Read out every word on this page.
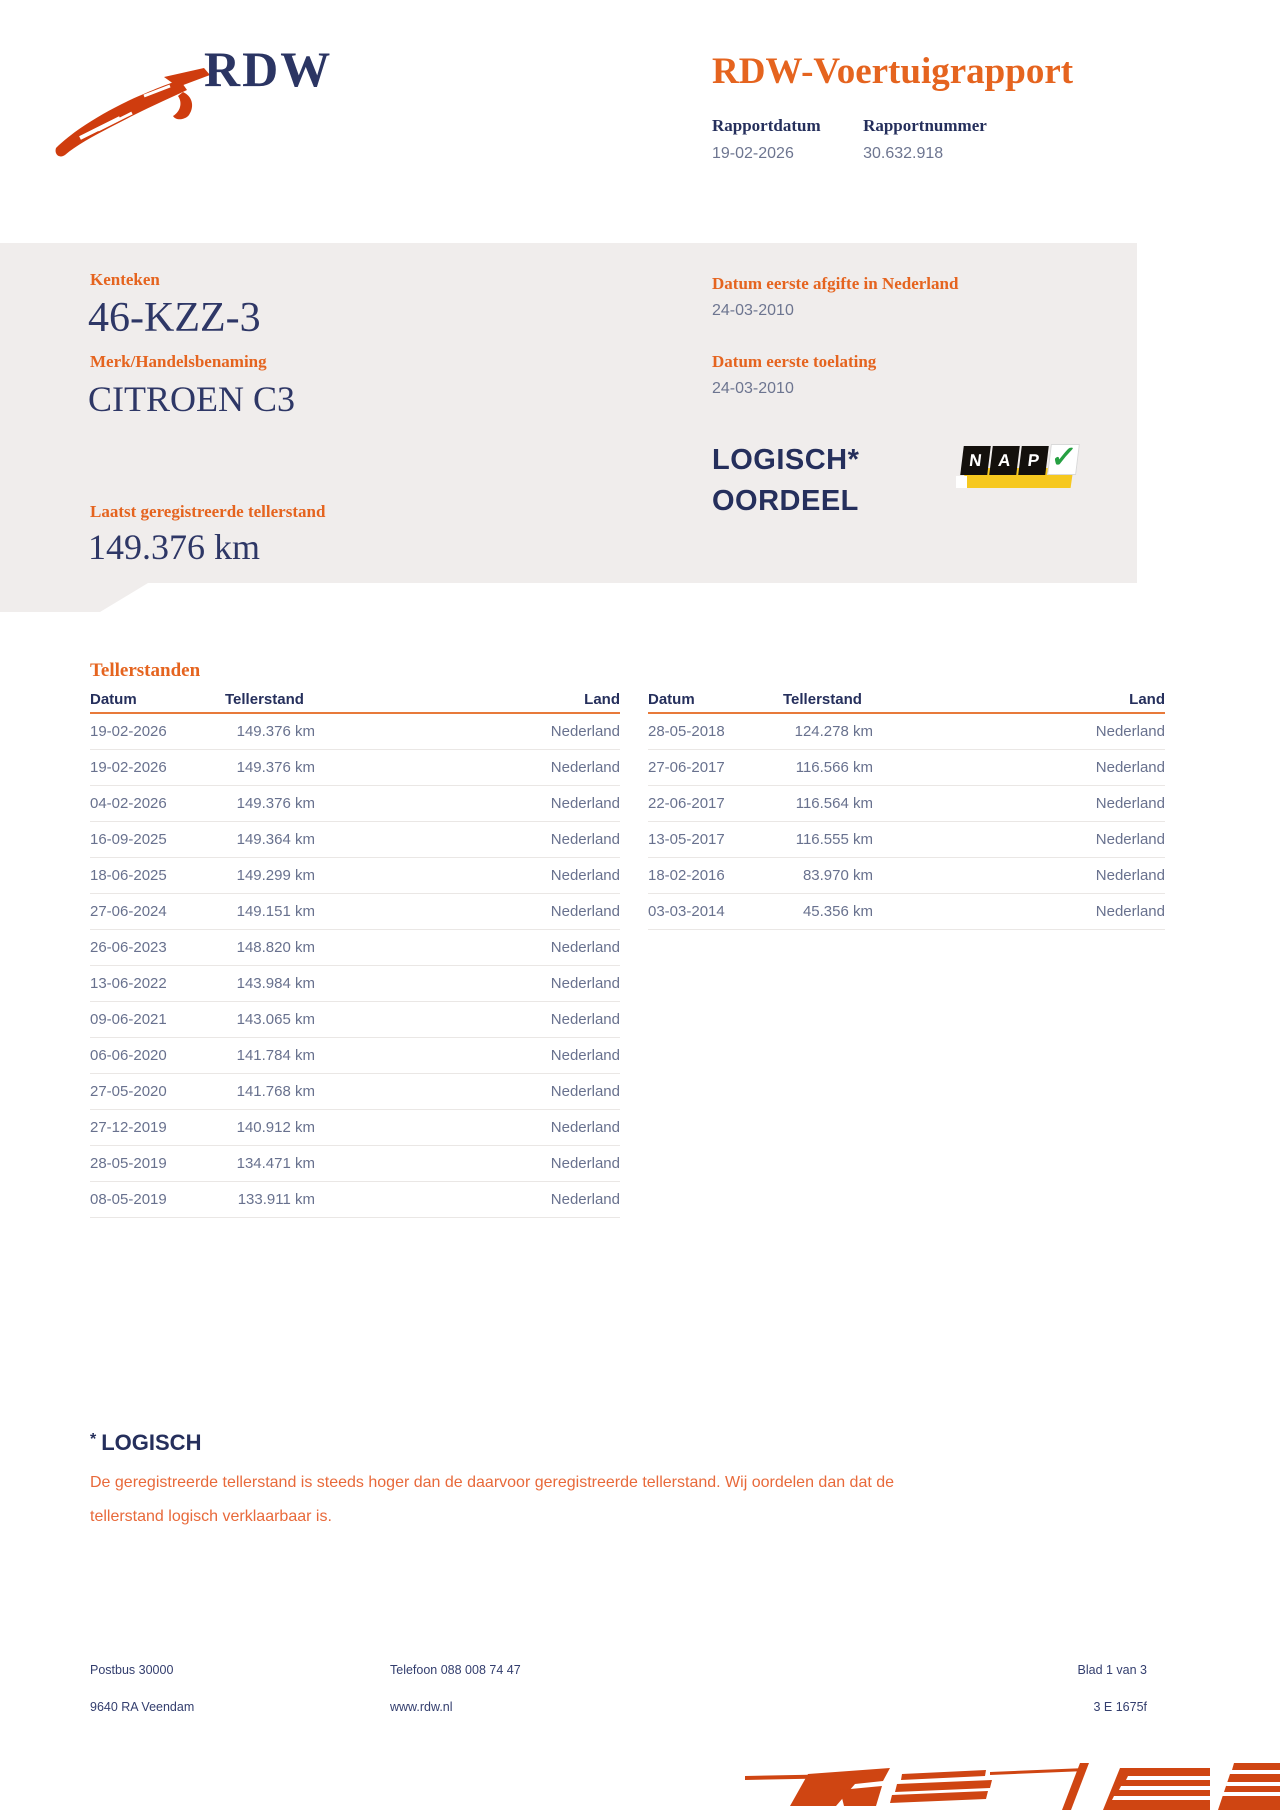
RDW	RDW-Voertuigrapport
Rapportdatum
19-02-2026

Rapportnummer
30.632.918
Kenteken
46-KZZ-3
Merk/Handelsbenaming
CITROEN C3
Laatst geregistreerde tellerstand
149.376 km
Datum eerste afgifte in Nederland
24-03-2010
Datum eerste toelating
24-03-2010
LOGISCH*
OORDEEL
N A P ✓
Tellerstanden
Datum	Tellerstand	Land
19-02-2026	149.376 km	Nederland
19-02-2026	149.376 km	Nederland
04-02-2026	149.376 km	Nederland
16-09-2025	149.364 km	Nederland
18-06-2025	149.299 km	Nederland
27-06-2024	149.151 km	Nederland
26-06-2023	148.820 km	Nederland
13-06-2022	143.984 km	Nederland
09-06-2021	143.065 km	Nederland
06-06-2020	141.784 km	Nederland
27-05-2020	141.768 km	Nederland
27-12-2019	140.912 km	Nederland
28-05-2019	134.471 km	Nederland
08-05-2019	133.911 km	Nederland
Datum	Tellerstand	Land
28-05-2018	124.278 km	Nederland
27-06-2017	116.566 km	Nederland
22-06-2017	116.564 km	Nederland
13-05-2017	116.555 km	Nederland
18-02-2016	83.970 km	Nederland
03-03-2014	45.356 km	Nederland
* LOGISCH
De geregistreerde tellerstand is steeds hoger dan de daarvoor geregistreerde tellerstand. Wij oordelen dan dat de tellerstand logisch verklaarbaar is.
Postbus 30000
9640 RA Veendam
Telefoon 088 008 74 47
www.rdw.nl
Blad 1 van 3
3 E 1675f
